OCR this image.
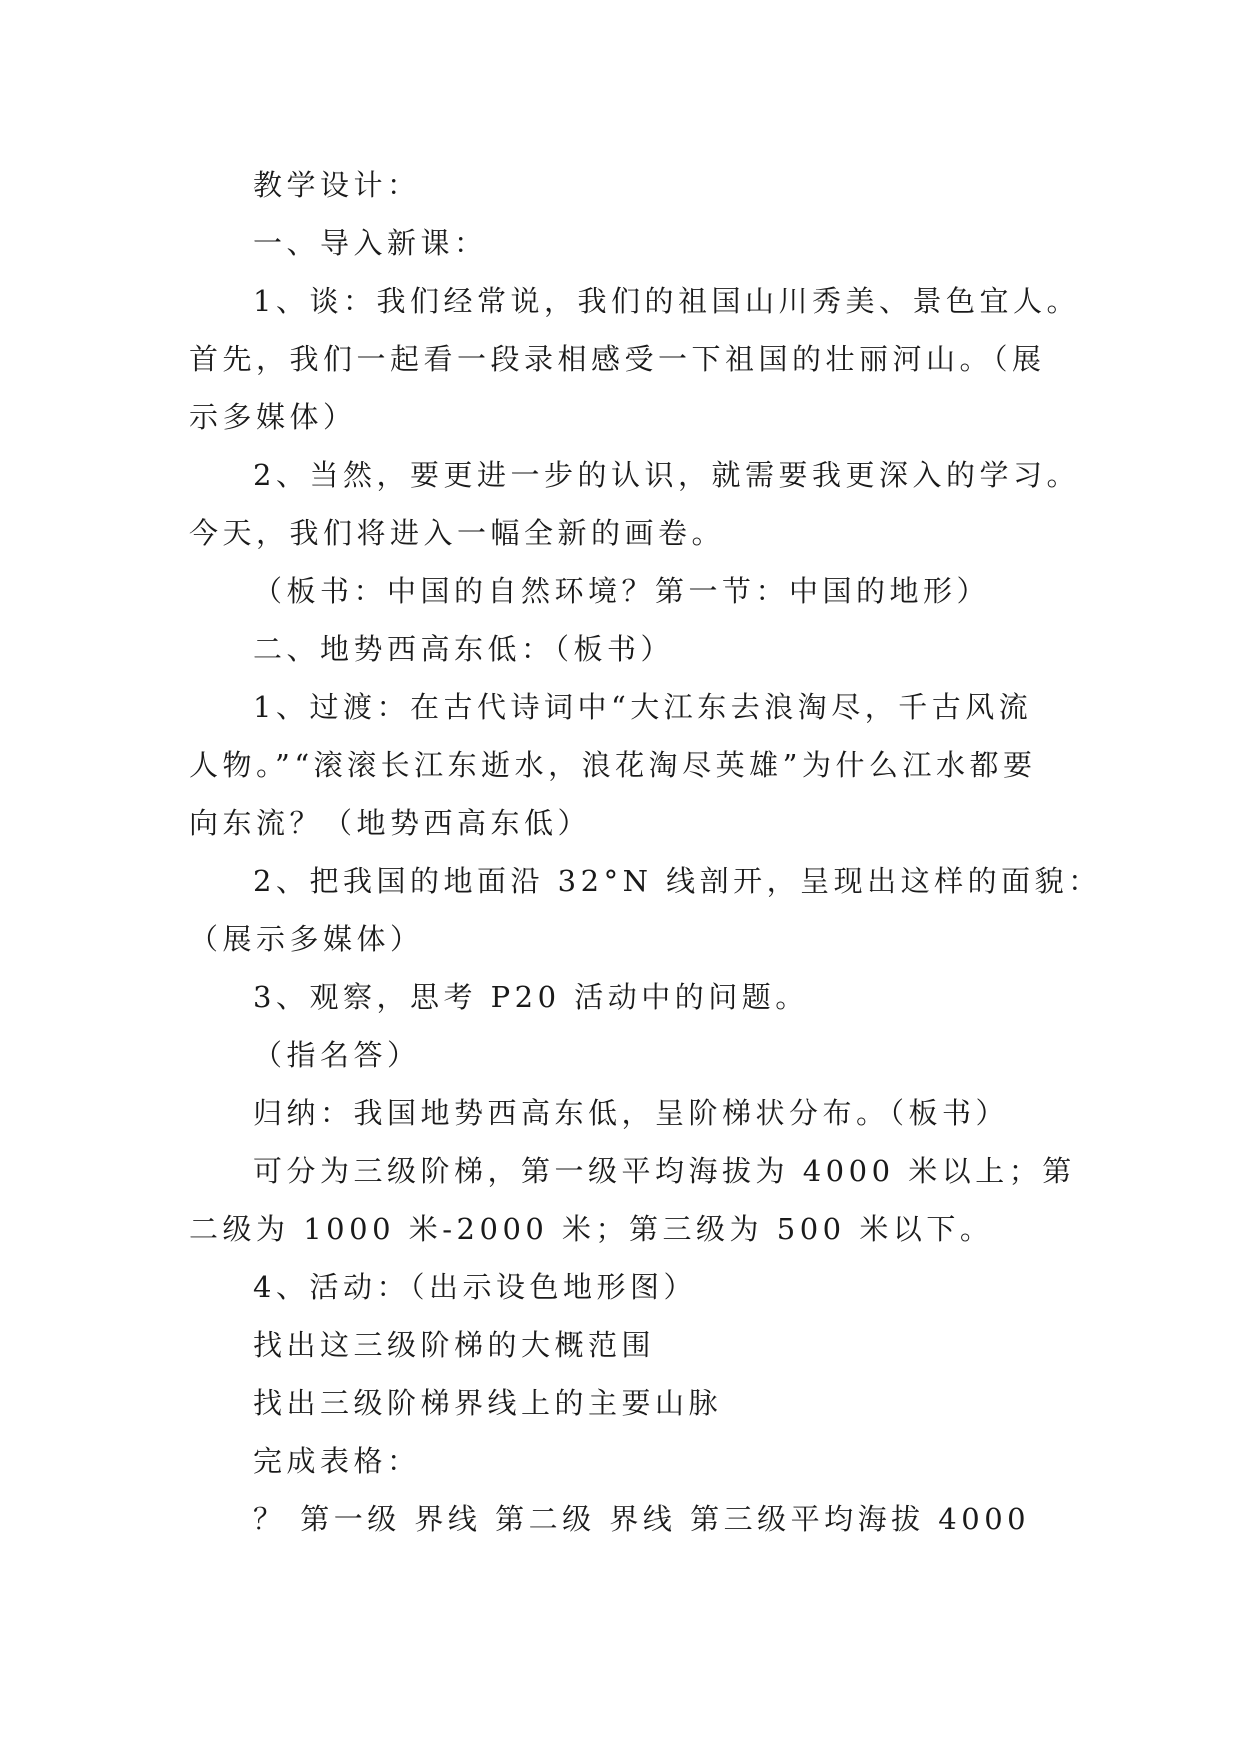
教学设计：
一、导入新课：
1、谈：我们经常说，我们的祖国山川秀美、景色宜人。
首先，我们一起看一段录相感受一下祖国的壮丽河山。（展
示多媒体）
2、当然，要更进一步的认识，就需要我更深入的学习。
今天，我们将进入一幅全新的画卷。
（板书：中国的自然环境？第一节：中国的地形）
二、地势西高东低：（板书）
1、过渡：在古代诗词中“大江东去浪淘尽，千古风流
人物。”“滚滚长江东逝水，浪花淘尽英雄”为什么江水都要
向东流？（地势西高东低）
2、把我国的地面沿 32°N 线剖开，呈现出这样的面貌：
（展示多媒体）
3、观察，思考 P20 活动中的问题。
（指名答）
归纳：我国地势西高东低，呈阶梯状分布。（板书）
可分为三级阶梯，第一级平均海拔为 4000 米以上；第
二级为 1000 米-2000 米；第三级为 500 米以下。
4、活动：（出示设色地形图）
找出这三级阶梯的大概范围
找出三级阶梯界线上的主要山脉
完成表格：
？ 第一级 界线 第二级 界线 第三级平均海拔 4000
